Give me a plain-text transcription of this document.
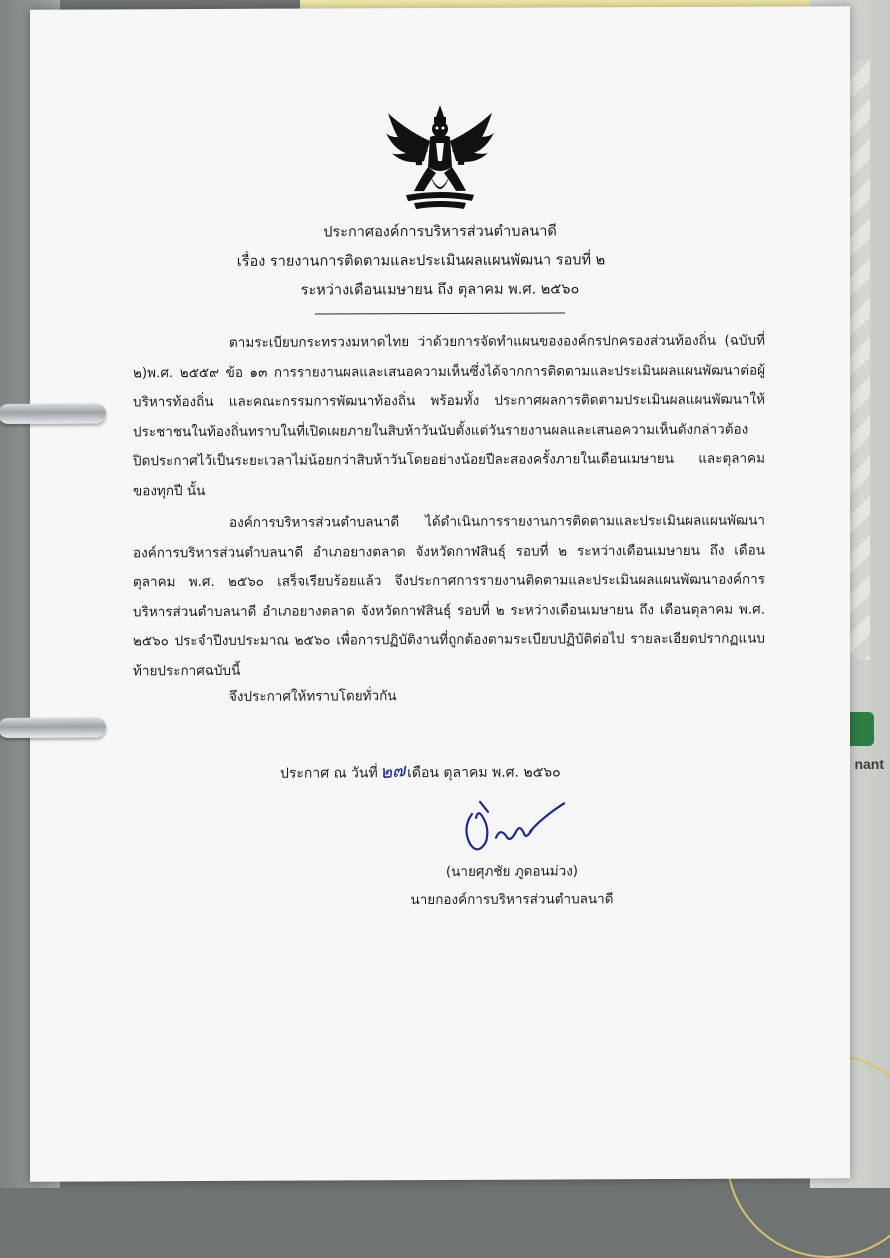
nant
ประกาศองค์การบริหารส่วนตำบลนาดี
เรื่อง รายงานการติดตามและประเมินผลแผนพัฒนา รอบที่ ๒
ระหว่างเดือนเมษายน ถึง ตุลาคม พ.ศ. ๒๕๖๐

ตามระเบียบกระทรวงมหาดไทย ว่าด้วยการจัดทำแผนขององค์กรปกครองส่วนท้องถิ่น (ฉบับที่ ๒)พ.ศ. ๒๕๕๙ ข้อ ๑๓ การรายงานผลและเสนอความเห็นซึ่งได้จากการติดตามและประเมินผลแผนพัฒนาต่อผู้บริหารท้องถิ่น และคณะกรรมการพัฒนาท้องถิ่น พร้อมทั้ง ประกาศผลการติดตามประเมินผลแผนพัฒนาให้ประชาชนในท้องถิ่นทราบในที่เปิดเผยภายในสิบห้าวันนับตั้งแต่วันรายงานผลและเสนอความเห็นดังกล่าวต้องปิดประกาศไว้เป็นระยะเวลาไม่น้อยกว่าสิบห้าวันโดยอย่างน้อยปีละสองครั้งภายในเดือนเมษายน และตุลาคมของทุกปี นั้น

องค์การบริหารส่วนตำบลนาดี ได้ดำเนินการรายงานการติดตามและประเมินผลแผนพัฒนาองค์การบริหารส่วนตำบลนาดี อำเภอยางตลาด จังหวัดกาฬสินธุ์ รอบที่ ๒ ระหว่างเดือนเมษายน ถึง เดือนตุลาคม พ.ศ. ๒๕๖๐ เสร็จเรียบร้อยแล้ว จึงประกาศการรายงานติดตามและประเมินผลแผนพัฒนาองค์การบริหารส่วนตำบลนาดี อำเภอยางตลาด จังหวัดกาฬสินธุ์ รอบที่ ๒ ระหว่างเดือนเมษายน ถึง เดือนตุลาคม พ.ศ. ๒๕๖๐ ประจำปีงบประมาณ ๒๕๖๐ เพื่อการปฏิบัติงานที่ถูกต้องตามระเบียบปฏิบัติต่อไป รายละเอียดปรากฏแนบท้ายประกาศฉบับนี้

จึงประกาศให้ทราบโดยทั่วกัน
ประกาศ ณ วันที่๒๗เดือน ตุลาคม พ.ศ. ๒๕๖๐
(นายศุภชัย ภูดอนม่วง)
นายกองค์การบริหารส่วนตำบลนาดี
